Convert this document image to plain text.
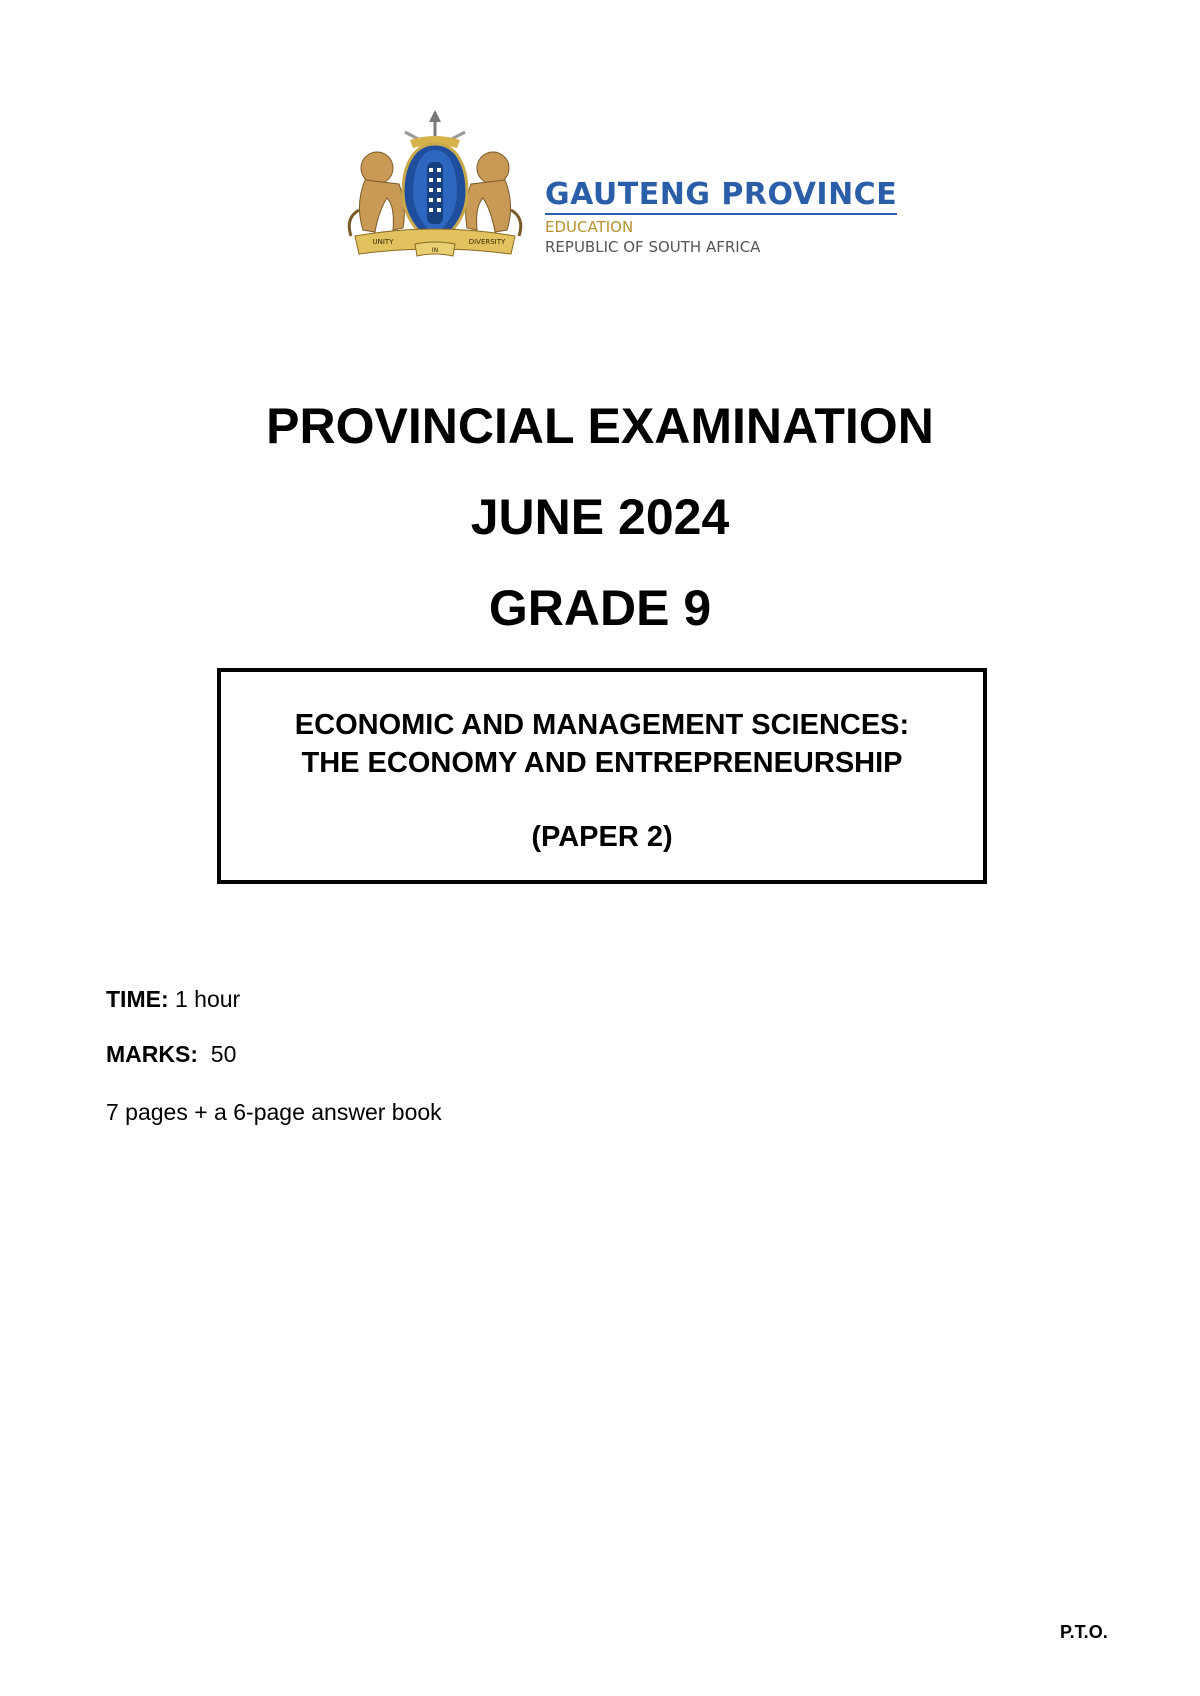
UNITY
IN
DIVERSITY
GAUTENG PROVINCE
EDUCATION
REPUBLIC OF SOUTH AFRICA
PROVINCIAL EXAMINATION
JUNE 2024
GRADE 9
ECONOMIC AND MANAGEMENT SCIENCES:
THE ECONOMY AND ENTREPRENEURSHIP
(PAPER 2)
TIME: 1 hour
MARKS:  50
7 pages + a 6-page answer book
P.T.O.
